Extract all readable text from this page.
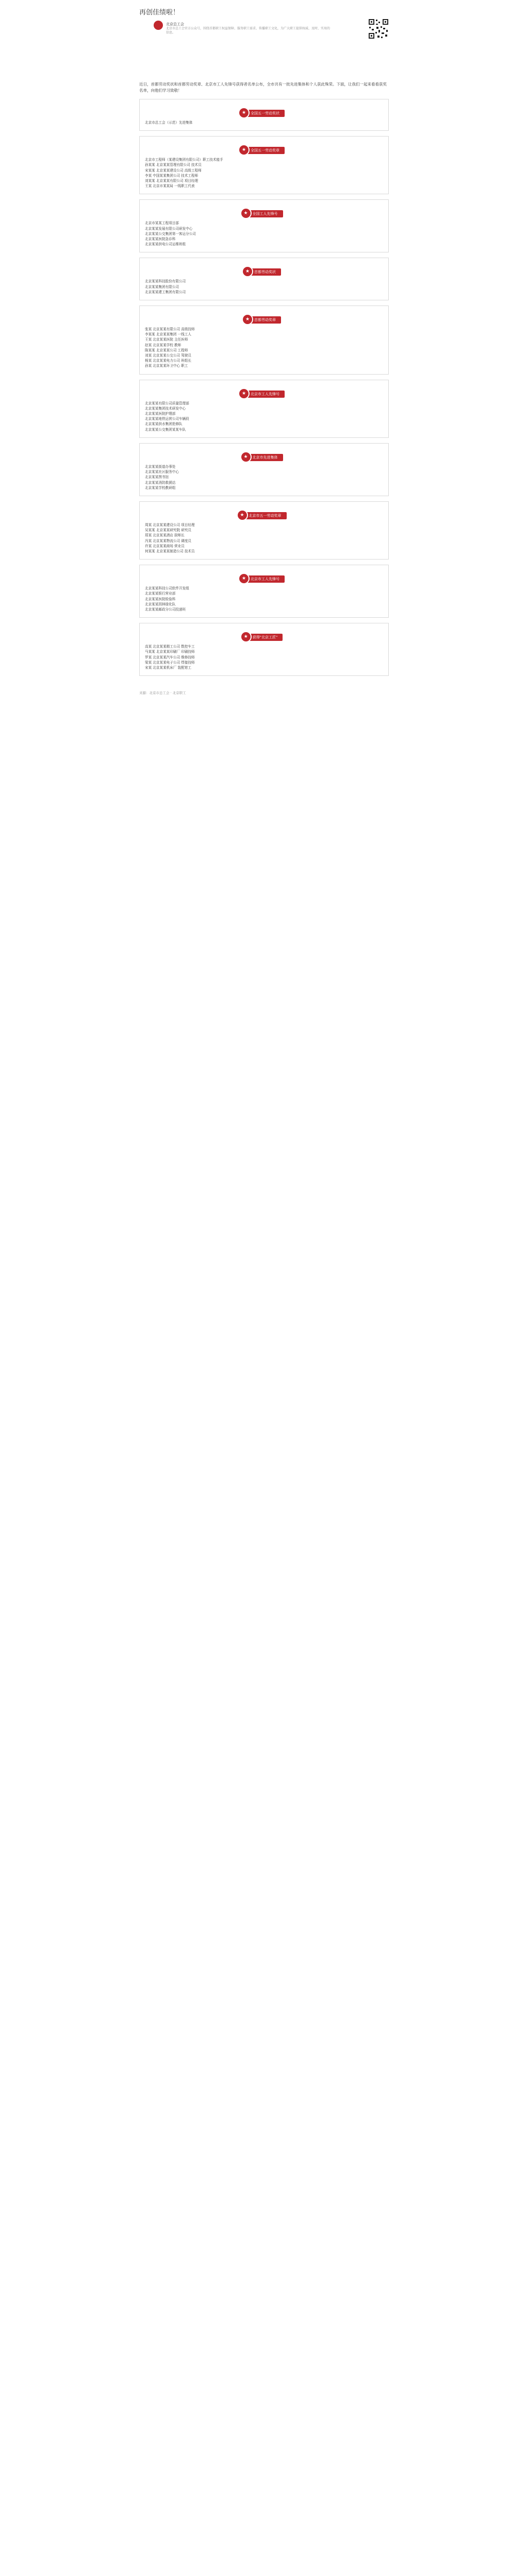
再创佳绩啦！
北京总工会
北京市总工会官方公众号，围绕首都职工权益保障、服务职工需求、传播职工文化，为广大职工提供权威、及时、实用的信息。
近日，首都劳动奖状和首都劳动奖章、北京市工人先锋号获得者名单公布，全市共有一批先进集体和个人获此殊荣。下面，让我们一起来看看获奖名单，向他们学习致敬！
★	全国五一劳动奖状
北京市总工会（示范）先进集体
★	全国五一劳动奖章
北京市工程师（某建设集团有限公司）职工技术能手
孙某某 北京某某管理有限公司 技术员
宋某某 北京某某建设公司 高级工程师
李某 中国某某集团公司 技术工程师
刘某某 北京某某有限公司 项目经理
王某 北京市某某局 一线职工代表
★	全国工人先锋号
北京市某某工程项目部
北京某某发展有限公司研发中心
北京某某公交集团第一客运分公司
北京某某医院急诊科
北京某某供电公司运维班组
★	首都劳动奖状
北京某某科技股份有限公司
北京某某集团有限公司
北京某某建工集团有限公司
★	首都劳动奖章
张某 北京某某有限公司 高级技师
李某某 北京某某集团 一线工人
王某 北京某某医院 主任医师
赵某 北京某某学校 教师
陈某某 北京某某公司 工程师
刘某 北京某某公交公司 驾驶员
杨某 北京某某电力公司 班组长
孙某 北京某某环卫中心 职工
★	北京市工人先锋号
北京某某有限公司质量管理部
北京某某集团技术研发中心
北京某某医院护理部
北京某某地铁运营公司车辆段
北京某某供水集团抢修队
北京某某公交集团某某车队
★	北京市先进集体
北京某某街道办事处
北京某某社区服务中心
北京某某图书馆
北京某某消防救援站
北京某某学校教研组
★	北京市五一劳动奖章
周某 北京某某建设公司 项目经理
吴某某 北京某某研究院 研究员
郑某 北京某某酒店 厨师长
冯某 北京某某物流公司 调度员
许某 北京某某商场 营业员
何某某 北京某某制造公司 技术员
★	北京市工人先锋号
北京某某科技公司软件开发组
北京某某银行营业部
北京某某医院检验科
北京某某园林绿化队
北京某某邮政分公司投递班
★	获得"北京工匠"
高某 北京某某精工公司 数控车工
马某某 北京某某印刷厂 印刷技师
罗某 北京某某汽车公司 维修技师
梁某 北京某某电子公司 焊接技师
宋某 北京某某机床厂 装配钳工
来源：北京市总工会 · 北京职工
